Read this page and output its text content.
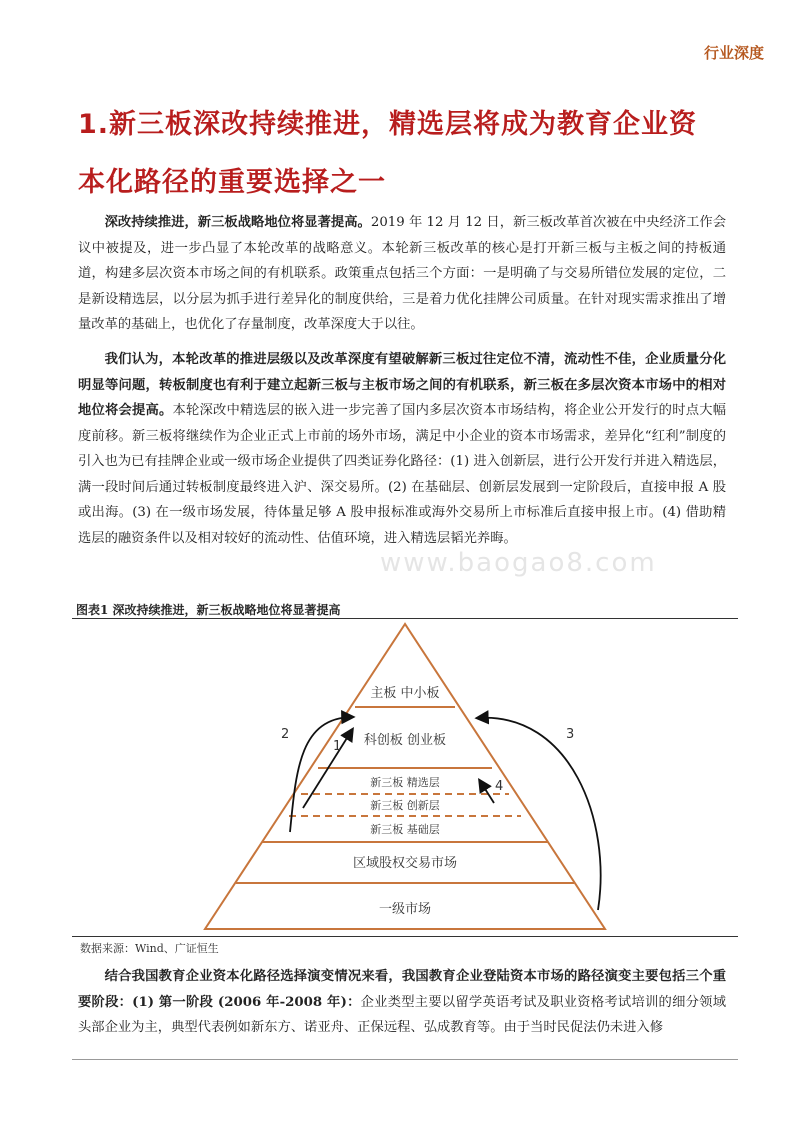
行业深度
1.新三板深改持续推进，精选层将成为教育企业资
本化路径的重要选择之一

深改持续推进，新三板战略地位将显著提高。2019 年 12 月 12 日，新三板改革首次被在中央经济工作会议中被提及，进一步凸显了本轮改革的战略意义。本轮新三板改革的核心是打开新三板与主板之间的持板通道，构建多层次资本市场之间的有机联系。政策重点包括三个方面：一是明确了与交易所错位发展的定位，二是新设精选层，以分层为抓手进行差异化的制度供给，三是着力优化挂牌公司质量。在针对现实需求推出了增量改革的基础上，也优化了存量制度，改革深度大于以往。

我们认为，本轮改革的推进层级以及改革深度有望破解新三板过往定位不清，流动性不佳，企业质量分化明显等问题，转板制度也有利于建立起新三板与主板市场之间的有机联系，新三板在多层次资本市场中的相对地位将会提高。本轮深改中精选层的嵌入进一步完善了国内多层次资本市场结构，将企业公开发行的时点大幅度前移。新三板将继续作为企业正式上市前的场外市场，满足中小企业的资本市场需求，差异化“红利”制度的引入也为已有挂牌企业或一级市场企业提供了四类证券化路径：(1) 进入创新层，进行公开发行并进入精选层，满一段时间后通过转板制度最终进入沪、深交易所。(2) 在基础层、创新层发展到一定阶段后，直接申报 A 股或出海。(3) 在一级市场发展，待体量足够 A 股申报标准或海外交易所上市标准后直接申报上市。(4) 借助精选层的融资条件以及相对较好的流动性、估值环境，进入精选层韬光养晦。

www.baogao8.com
图表1 深改持续推进，新三板战略地位将显著提高
主板 中小板
科创板 创业板
新三板 精选层
新三板 创新层
新三板 基础层
区域股权交易市场
一级市场
1
2	3
4
数据来源：Wind、广证恒生

结合我国教育企业资本化路径选择演变情况来看，我国教育企业登陆资本市场的路径演变主要包括三个重要阶段：(1) 第一阶段 (2006 年-2008 年)：企业类型主要以留学英语考试及职业资格考试培训的细分领域头部企业为主，典型代表例如新东方、诺亚舟、正保远程、弘成教育等。由于当时民促法仍未进入修
